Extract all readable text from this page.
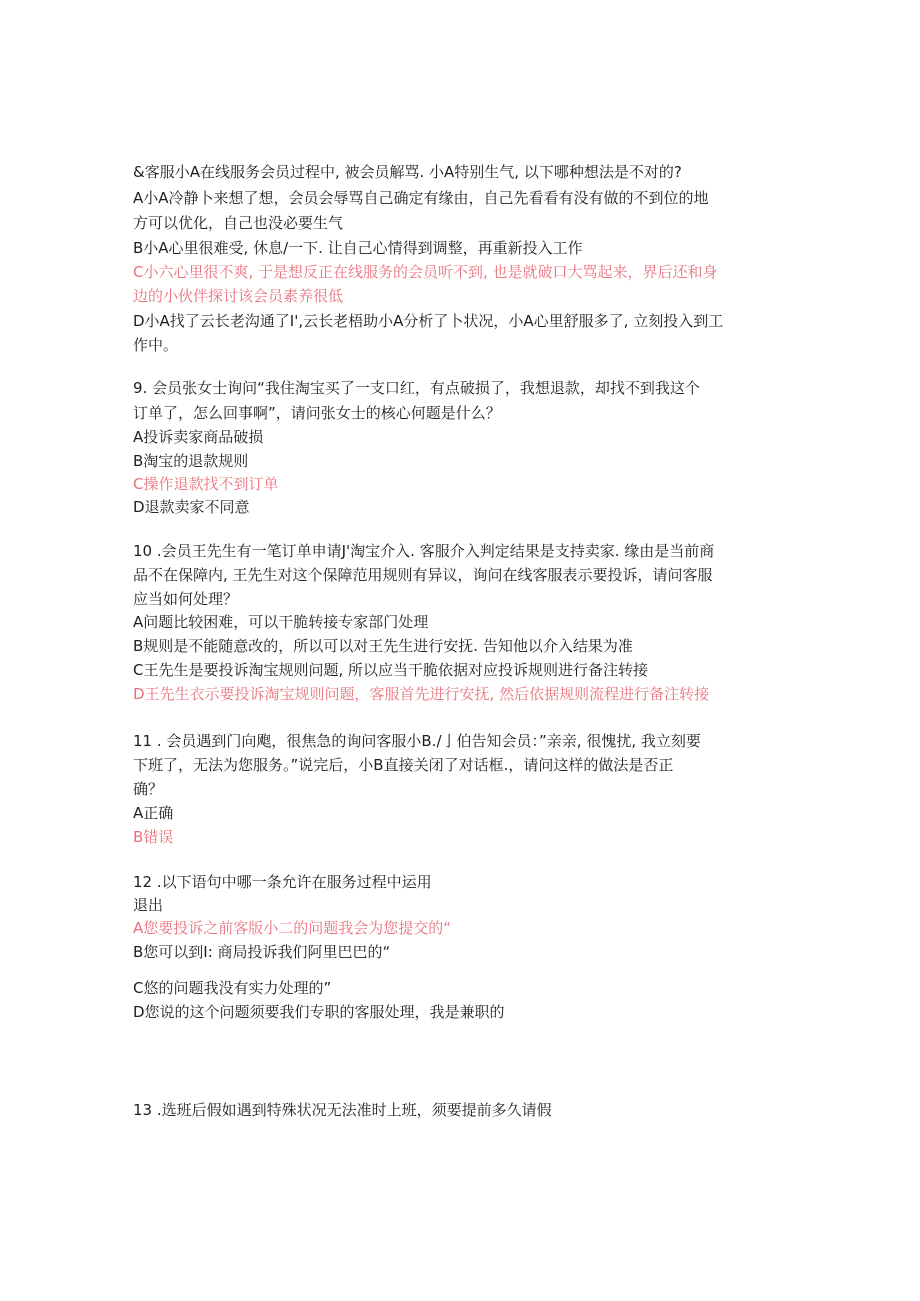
&客服小A在线服务会员过程中, 被会员解骂. 小A特别生气, 以下哪种想法是不对的?
A小A冷静卜来想了想，会员会辱骂自己确定有缘由，自己先看看有没有做的不到位的地
方可以优化，自己也没必要生气
B小A心里很难受, 休息/一下. 让自己心情得到调整，再重新投入工作
C小六心里很不爽, 于是想反正在线服务的会员听不到, 也是就破口大骂起来，界后还和身
边的小伙伴探讨该会员素养很低
D小A找了云长老沟通了I',云长老梧助小A分析了卜状况，小A心里舒服多了, 立刻投入到工
作中。
9. 会员张女士询问“我住淘宝买了一支口红，有点破损了，我想退款，却找不到我这个
订单了，怎么回事啊”，请问张女士的核心何题是什么？
A投诉卖家商品破损
B淘宝的退款规则
C操作退款找不到订单
D退款卖家不同意
10 .会员王先生有一笔订单申请J'淘宝介入. 客服介入判定结果是支持卖家. 缘由是当前商
品不在保障内, 王先生对这个保障范用规则有异议，询问在线客服表示要投诉，请问客服
应当如何处理？
A问题比较困难，可以干脆转接专家部门处理
B规则是不能随意改的，所以可以对王先生进行安抚. 告知他以介入结果为准
C王先生是要投诉淘宝规则问题, 所以应当干脆依据对应投诉规则进行备注转接
D王先生衣示要投诉淘宝规则问题，客服首先进行安抚, 然后依据规则流程进行备注转接
11 . 会员遇到门向飑，很焦急的询问客服小B./亅伯告知会员：”亲亲, 很愧扰, 我立刻要
下班了，无法为您服务。”说完后，小B直接关闭了对话框.，请问这样的做法是否正
确？
A正确
B错误
12 .以下语句中哪一条允许在服务过程中运用
退出
A您要投诉之前客版小二的问题我会为您提交的“
B您可以到I: 商局投诉我们阿里巴巴的“
C悠的问题我没有实力处理的”
D您说的这个问题须要我们专职的客服处理，我是兼职的
13 .选班后假如遇到特殊状况无法准时上班，须要提前多久请假
